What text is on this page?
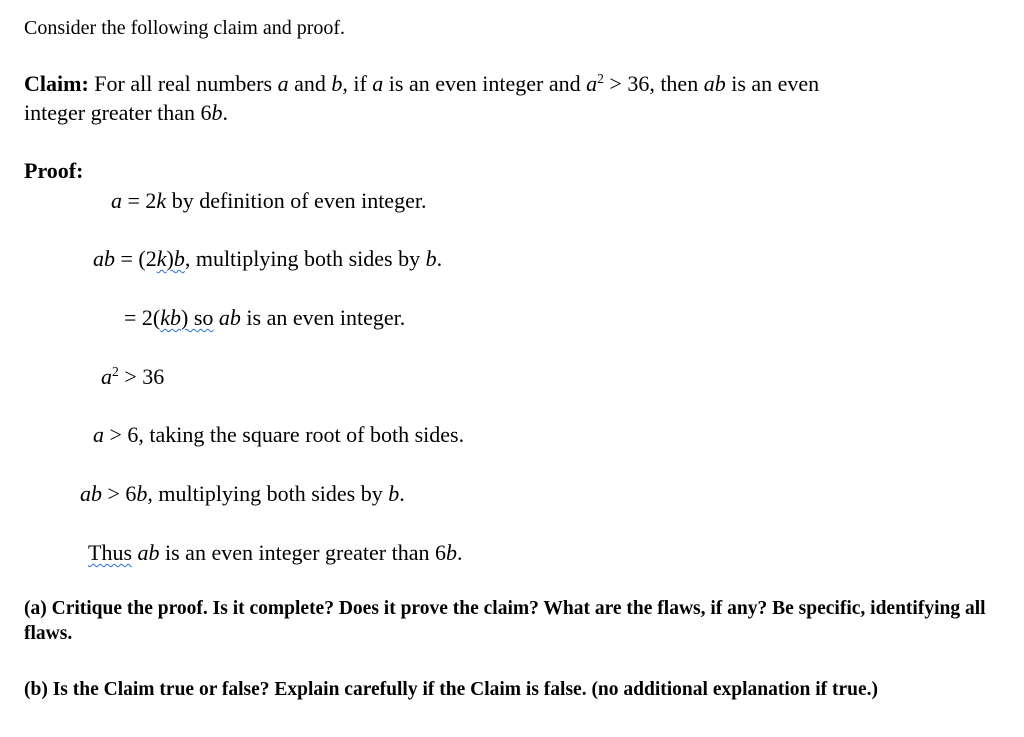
Consider the following claim and proof.
Claim: For all real numbers a and b, if a is an even integer and $a^2 > 36$, then ab is an even
integer greater than 6b.
Proof:
a = 2k by definition of even integer.
ab = (2k)b, multiplying both sides by b.
= 2(kb) so ab is an even integer.
$a^2 > 36$
a > 6, taking the square root of both sides.
ab > 6b, multiplying both sides by b.
Thus ab is an even integer greater than 6b.
(a) Critique the proof. Is it complete? Does it prove the claim? What are the flaws, if any? Be specific, identifying all flaws.
(b) Is the Claim true or false? Explain carefully if the Claim is false. (no additional explanation if true.)
